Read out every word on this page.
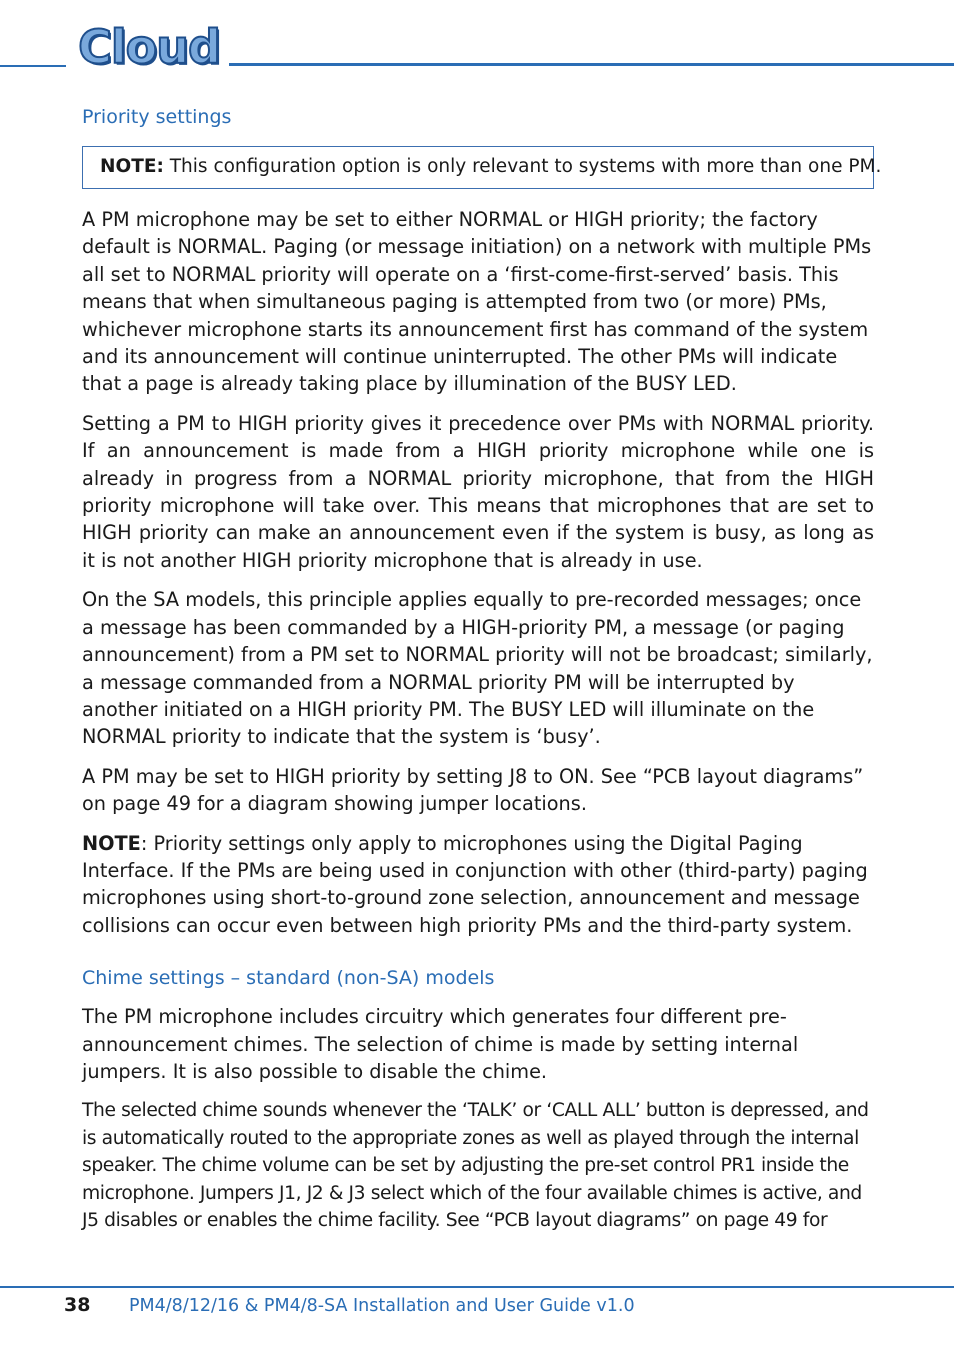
Cloud
Priority settings
NOTE: This configuration option is only relevant to systems with more than one PM.

A PM microphone may be set to either NORMAL or HIGH priority; the factory default is NORMAL. Paging (or message initiation) on a network with multiple PMs all set to NORMAL priority will operate on a ‘first-come-first-served’ basis. This means that when simultaneous paging is attempted from two (or more) PMs, whichever microphone starts its announcement first has command of the system and its announcement will continue uninterrupted. The other PMs will indicate that a page is already taking place by illumination of the BUSY LED.

Setting a PM to HIGH priority gives it precedence over PMs with NORMAL priority. If an announcement is made from a HIGH priority microphone while one is already in progress from a NORMAL priority microphone, that from the HIGH priority microphone will take over. This means that microphones that are set to HIGH priority can make an announcement even if the system is busy, as long as it is not another HIGH priority microphone that is already in use.

On the SA models, this principle applies equally to pre-recorded messages; once a message has been commanded by a HIGH-priority PM, a message (or paging announcement) from a PM set to NORMAL priority will not be broadcast; similarly, a message commanded from a NORMAL priority PM will be interrupted by another initiated on a HIGH priority PM. The BUSY LED will illuminate on the NORMAL priority to indicate that the system is ‘busy’.

A PM may be set to HIGH priority by setting J8 to ON. See “PCB layout diagrams” on page 49 for a diagram showing jumper locations.

NOTE: Priority settings only apply to microphones using the Digital Paging Interface. If the PMs are being used in conjunction with other (third-party) paging microphones using short-to-ground zone selection, announcement and message collisions can occur even between high priority PMs and the third-party system.

Chime settings – standard (non-SA) models

The PM microphone includes circuitry which generates four different pre-announcement chimes. The selection of chime is made by setting internal jumpers. It is also possible to disable the chime.

The selected chime sounds whenever the ‘TALK’ or ‘CALL ALL’ button is depressed, and is automatically routed to the appropriate zones as well as played through the internal speaker. The chime volume can be set by adjusting the pre-set control PR1 inside the microphone. Jumpers J1, J2 & J3 select which of the four available chimes is active, and J5 disables or enables the chime facility. See “PCB layout diagrams” on page 49 for

38 PM4/8/12/16 & PM4/8-SA Installation and User Guide v1.0
